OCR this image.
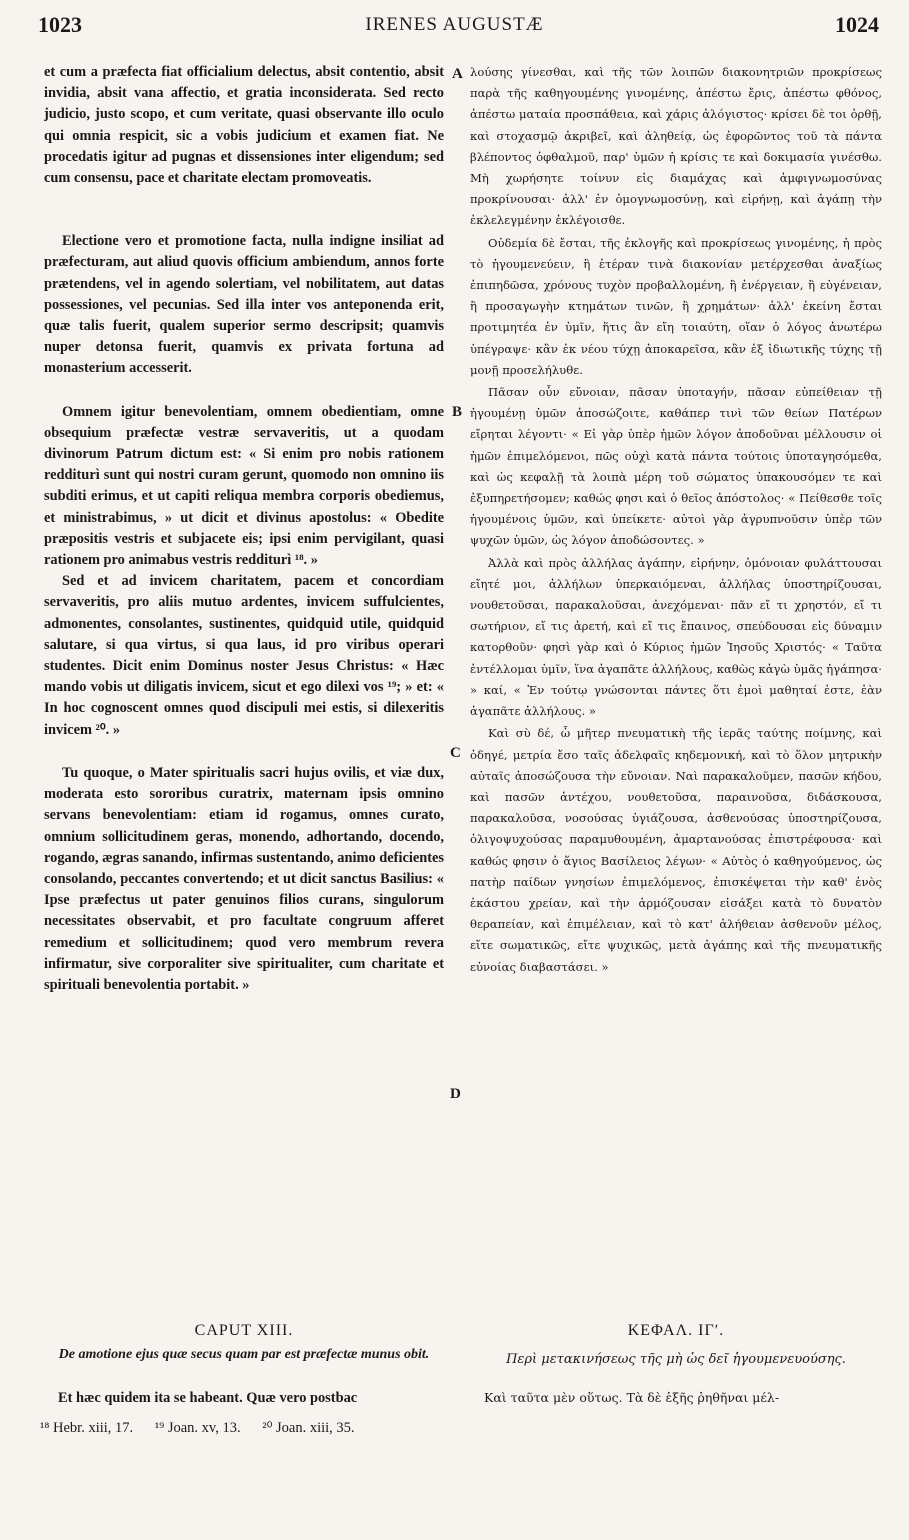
1023	IRENES AUGUSTÆ	1024
A
B
C
D

et cum a præfecta fiat officialium delectus, absit contentio, absit invidia, absit vana affectio, et gratia inconsiderata. Sed recto judicio, justo scopo, et cum veritate, quasi observante illo oculo qui omnia respicit, sic a vobis judicium et examen fiat. Ne procedatis igitur ad pugnas et dissensiones inter eligendum; sed cum consensu, pace et charitate electam promoveatis.

Electione vero et promotione facta, nulla indigne insiliat ad præfecturam, aut aliud quovis officium ambiendum, annos forte prætendens, vel in agendo solertiam, vel nobilitatem, aut datas possessiones, vel pecunias. Sed illa inter vos anteponenda erit, quæ talis fuerit, qualem superior sermo descripsit; quamvis nuper detonsa fuerit, quamvis ex privata fortuna ad monasterium accesserit.

Omnem igitur benevolentiam, omnem obedientiam, omne obsequium præfectæ vestræ servaveritis, ut a quodam divinorum Patrum dictum est: « Si enim pro nobis rationem redditurì sunt qui nostri curam gerunt, quomodo non omnino iis subditi erimus, et ut capiti reliqua membra corporis obediemus, et ministrabimus, » ut dicit et divinus apostolus: « Obedite præpositis vestris et subjacete eis; ipsi enim pervigilant, quasi rationem pro animabus vestris redditurì ¹⁸. »

Sed et ad invicem charitatem, pacem et concordiam servaveritis, pro aliis mutuo ardentes, invicem suffulcientes, admonentes, consolantes, sustinentes, quidquid utile, quidquid salutare, si qua virtus, si qua laus, id pro viribus operari studentes. Dicit enim Dominus noster Jesus Christus: « Hæc mando vobis ut diligatis invicem, sicut et ego dilexi vos ¹⁹; » et: « In hoc cognoscent omnes quod discipuli mei estis, si dilexeritis invicem ²⁰. »

Tu quoque, o Mater spiritualis sacri hujus ovilis, et viæ dux, moderata esto sororibus curatrix, maternam ipsis omnino servans benevolentiam: etiam id rogamus, omnes curato, omnium sollicitudinem geras, monendo, adhortando, docendo, rogando, ægras sanando, infirmas sustentando, animo deficientes consolando, peccantes convertendo; et ut dicit sanctus Basilius: « Ipse præfectus ut pater genuinos filios curans, singulorum necessitates observabit, et pro facultate congruum afferet remedium et sollicitudinem; quod vero membrum revera infirmatur, sive corporaliter sive spiritualiter, cum charitate et spirituali benevolentia portabit. »

λούσης γίνεσθαι, καὶ τῆς τῶν λοιπῶν διακονητριῶν προκρίσεως παρὰ τῆς καθηγουμένης γινομένης, ἀπέστω ἔρις, ἀπέστω φθόνος, ἀπέστω ματαία προσπάθεια, καὶ χάρις ἀλόγιστος· κρίσει δὲ τοι ὀρθῇ, καὶ στοχασμῷ ἀκριβεῖ, καὶ ἀληθείᾳ, ὡς ἐφορῶντος τοῦ τὰ πάντα βλέποντος ὀφθαλμοῦ, παρ' ὑμῶν ἡ κρίσις τε καὶ δοκιμασία γινέσθω. Μὴ χωρήσητε τοίνυν εἰς διαμάχας καὶ ἀμφιγνωμοσύνας προκρίνουσαι· ἀλλ' ἐν ὁμογνωμοσύνῃ, καὶ εἰρήνῃ, καὶ ἀγάπῃ τὴν ἐκλελεγμένην ἐκλέγοισθε.

Οὐδεμία δὲ ἔσται, τῆς ἐκλογῆς καὶ προκρίσεως γινομένης, ἡ πρὸς τὸ ἡγουμενεύειν, ἢ ἑτέραν τινὰ διακονίαν μετέρχεσθαι ἀναξίως ἐπιπηδῶσα, χρόνους τυχὸν προβαλλομένη, ἢ ἐνέργειαν, ἢ εὐγένειαν, ἢ προσαγωγὴν κτημάτων τινῶν, ἢ χρημάτων· ἀλλ' ἐκείνη ἔσται προτιμητέα ἐν ὑμῖν, ἥτις ἂν εἴη τοιαύτη, οἵαν ὁ λόγος ἀνωτέρω ὑπέγραψε· κἂν ἐκ νέου τύχῃ ἀποκαρεῖσα, κἂν ἐξ ἰδιωτικῆς τύχης τῇ μονῇ προσελήλυθε.

Πᾶσαν οὖν εὔνοιαν, πᾶσαν ὑποταγήν, πᾶσαν εὐπείθειαν τῇ ἡγουμένῃ ὑμῶν ἀποσώζοιτε, καθάπερ τινὶ τῶν θείων Πατέρων εἴρηται λέγοντι· « Εἰ γὰρ ὑπὲρ ἡμῶν λόγον ἀποδοῦναι μέλλουσιν οἱ ἡμῶν ἐπιμελόμενοι, πῶς οὐχὶ κατὰ πάντα τούτοις ὑποταγησόμεθα, καὶ ὡς κεφαλῇ τὰ λοιπὰ μέρη τοῦ σώματος ὑπακουσόμεν τε καὶ ἐξυπηρετήσομεν; καθώς φησι καὶ ὁ θεῖος ἀπόστολος· « Πείθεσθε τοῖς ἡγουμένοις ὑμῶν, καὶ ὑπείκετε· αὐτοὶ γὰρ ἀγρυπνοῦσιν ὑπὲρ τῶν ψυχῶν ὑμῶν, ὡς λόγον ἀποδώσοντες. »

Ἀλλὰ καὶ πρὸς ἀλλήλας ἀγάπην, εἰρήνην, ὁμόνοιαν φυλάττουσαι εἴητέ μοι, ἀλλήλων ὑπερκαιόμεναι, ἀλλήλας ὑποστηρίζουσαι, νουθετοῦσαι, παρακαλοῦσαι, ἀνεχόμεναι· πᾶν εἴ τι χρηστόν, εἴ τι σωτήριον, εἴ τις ἀρετή, καὶ εἴ τις ἔπαινος, σπεύδουσαι εἰς δύναμιν κατορθοῦν· φησὶ γὰρ καὶ ὁ Κύριος ἡμῶν Ἰησοῦς Χριστός· « Ταῦτα ἐντέλλομαι ὑμῖν, ἵνα ἀγαπᾶτε ἀλλήλους, καθὼς κἀγὼ ὑμᾶς ἠγάπησα· » καί, « Ἐν τούτῳ γνώσονται πάντες ὅτι ἐμοὶ μαθηταί ἐστε, ἐὰν ἀγαπᾶτε ἀλλήλους. »

Καὶ σὺ δέ, ὦ μῆτερ πνευματικὴ τῆς ἱερᾶς ταύτης ποίμνης, καὶ ὁδηγέ, μετρία ἔσο ταῖς ἀδελφαῖς κηδεμονική, καὶ τὸ ὅλον μητρικὴν αὐταῖς ἀποσώζουσα τὴν εὔνοιαν. Ναὶ παρακαλοῦμεν, πασῶν κήδου, καὶ πασῶν ἀντέχου, νουθετοῦσα, παραινοῦσα, διδάσκουσα, παρακαλοῦσα, νοσούσας ὑγιάζουσα, ἀσθενούσας ὑποστηρίζουσα, ὀλιγοψυχούσας παραμυθουμένη, ἁμαρτανούσας ἐπιστρέφουσα· καὶ καθώς φησιν ὁ ἅγιος Βασίλειος λέγων· « Αὐτὸς ὁ καθηγούμενος, ὡς πατὴρ παίδων γνησίων ἐπιμελόμενος, ἐπισκέψεται τὴν καθ' ἑνὸς ἑκάστου χρείαν, καὶ τὴν ἁρμόζουσαν εἰσάξει κατὰ τὸ δυνατὸν θεραπείαν, καὶ ἐπιμέλειαν, καὶ τὸ κατ' ἀλήθειαν ἀσθενοῦν μέλος, εἴτε σωματικῶς, εἴτε ψυχικῶς, μετὰ ἀγάπης καὶ τῆς πνευματικῆς εὐνοίας διαβαστάσει. »

CAPUT XIII.
De amotione ejus quæ secus quam par est præfectæ munus obit.
ΚΕΦΑΛ. ΙΓʹ.
Περὶ μετακινήσεως τῆς μὴ ὡς δεῖ ἡγουμενευούσης.
Et hæc quidem ita se habeant. Quæ vero postbac	Καὶ ταῦτα μὲν οὕτως. Τὰ δὲ ἑξῆς ῥηθῆναι μέλ-
¹⁸ Hebr. xiii, 17. ¹⁹ Joan. xv, 13. ²⁰ Joan. xiii, 35.
